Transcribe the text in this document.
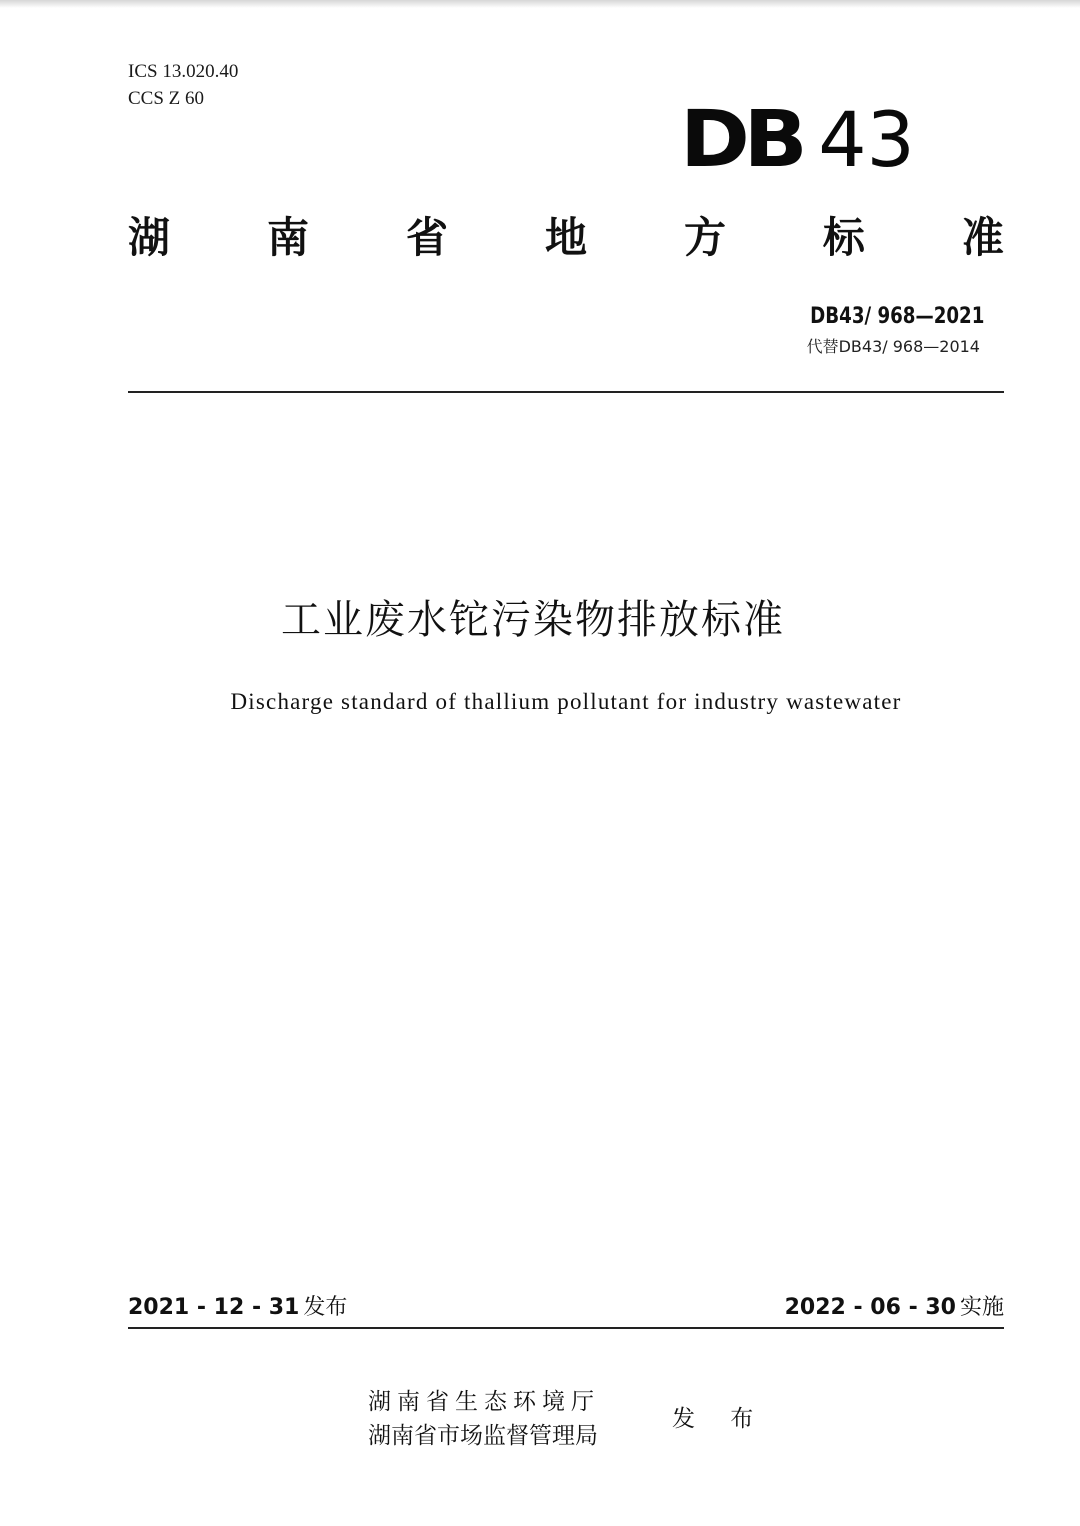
ICS 13.020.40
CCS Z 60	DB 43
湖 南 省 地 方 标 准
DB43/ 968—2021
代替DB43/ 968—2014
工业废水铊污染物排放标准
Discharge standard of thallium pollutant for industry wastewater
2021 - 12 - 31 发布	2022 - 06 - 30 实施
湖南省生态环境厅
湖南省市场监督管理局
发 布
